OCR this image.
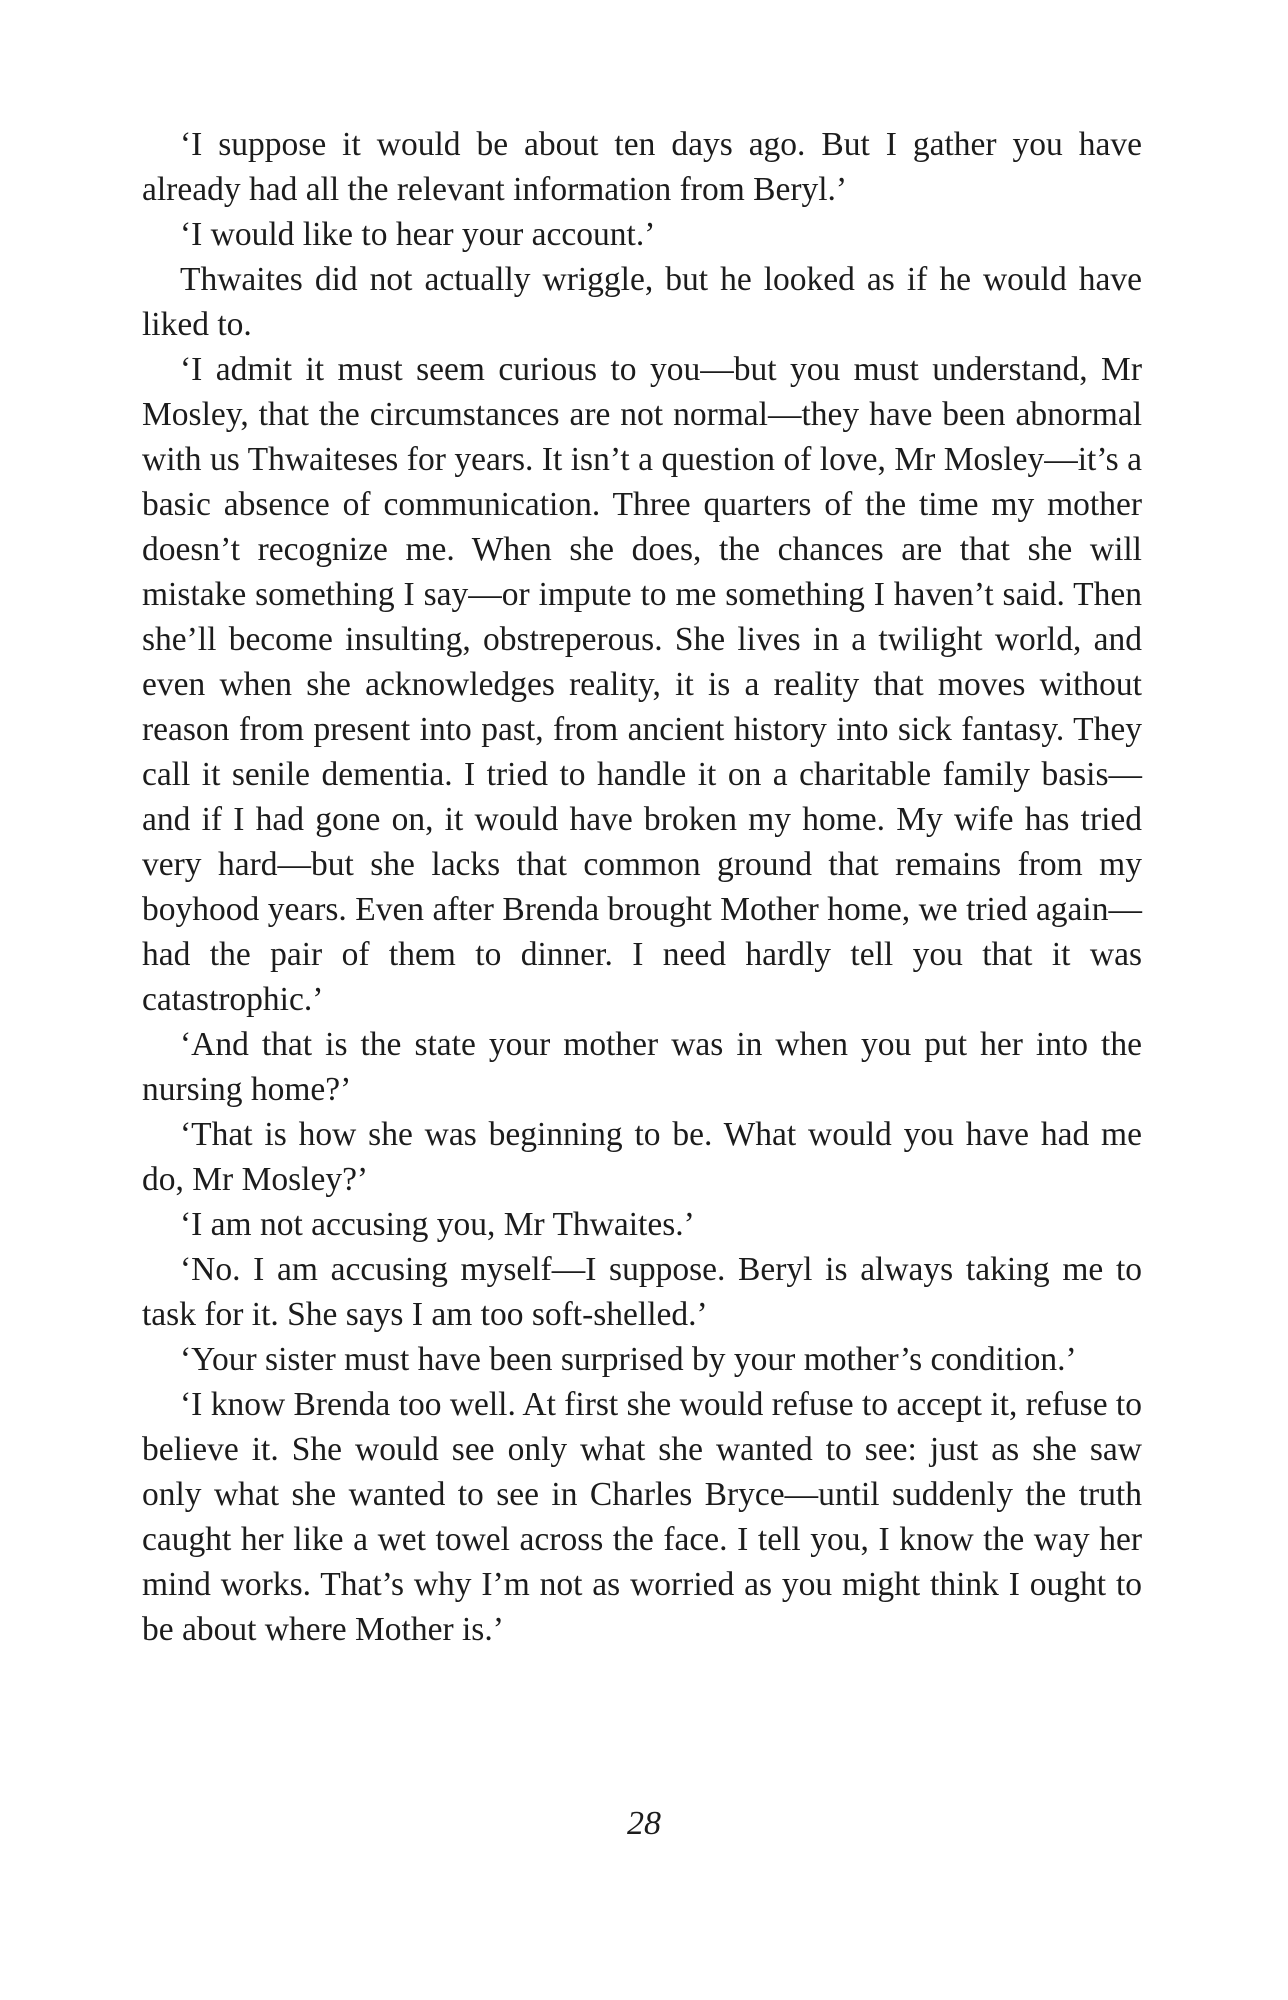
‘I suppose it would be about ten days ago. But I gather you have already had all the relevant information from Beryl.’

‘I would like to hear your account.’

Thwaites did not actually wriggle, but he looked as if he would have liked to.

‘I admit it must seem curious to you—but you must understand, Mr Mosley, that the circumstances are not normal—they have been abnormal with us Thwaiteses for years. It isn’t a question of love, Mr Mosley—it’s a basic absence of communication. Three quarters of the time my mother doesn’t recognize me. When she does, the chances are that she will mistake something I say—or impute to me something I haven’t said. Then she’ll become insulting, obstreperous. She lives in a twilight world, and even when she acknowledges reality, it is a reality that moves without reason from present into past, from ancient history into sick fantasy. They call it senile dementia. I tried to handle it on a charitable family basis—and if I had gone on, it would have broken my home. My wife has tried very hard—but she lacks that common ground that remains from my boyhood years. Even after Brenda brought Mother home, we tried again—had the pair of them to dinner. I need hardly tell you that it was catastrophic.’

‘And that is the state your mother was in when you put her into the nursing home?’

‘That is how she was beginning to be. What would you have had me do, Mr Mosley?’

‘I am not accusing you, Mr Thwaites.’

‘No. I am accusing myself—I suppose. Beryl is always taking me to task for it. She says I am too soft-shelled.’

‘Your sister must have been surprised by your mother’s condition.’

‘I know Brenda too well. At first she would refuse to accept it, refuse to believe it. She would see only what she wanted to see: just as she saw only what she wanted to see in Charles Bryce—until suddenly the truth caught her like a wet towel across the face. I tell you, I know the way her mind works. That’s why I’m not as worried as you might think I ought to be about where Mother is.’

28
